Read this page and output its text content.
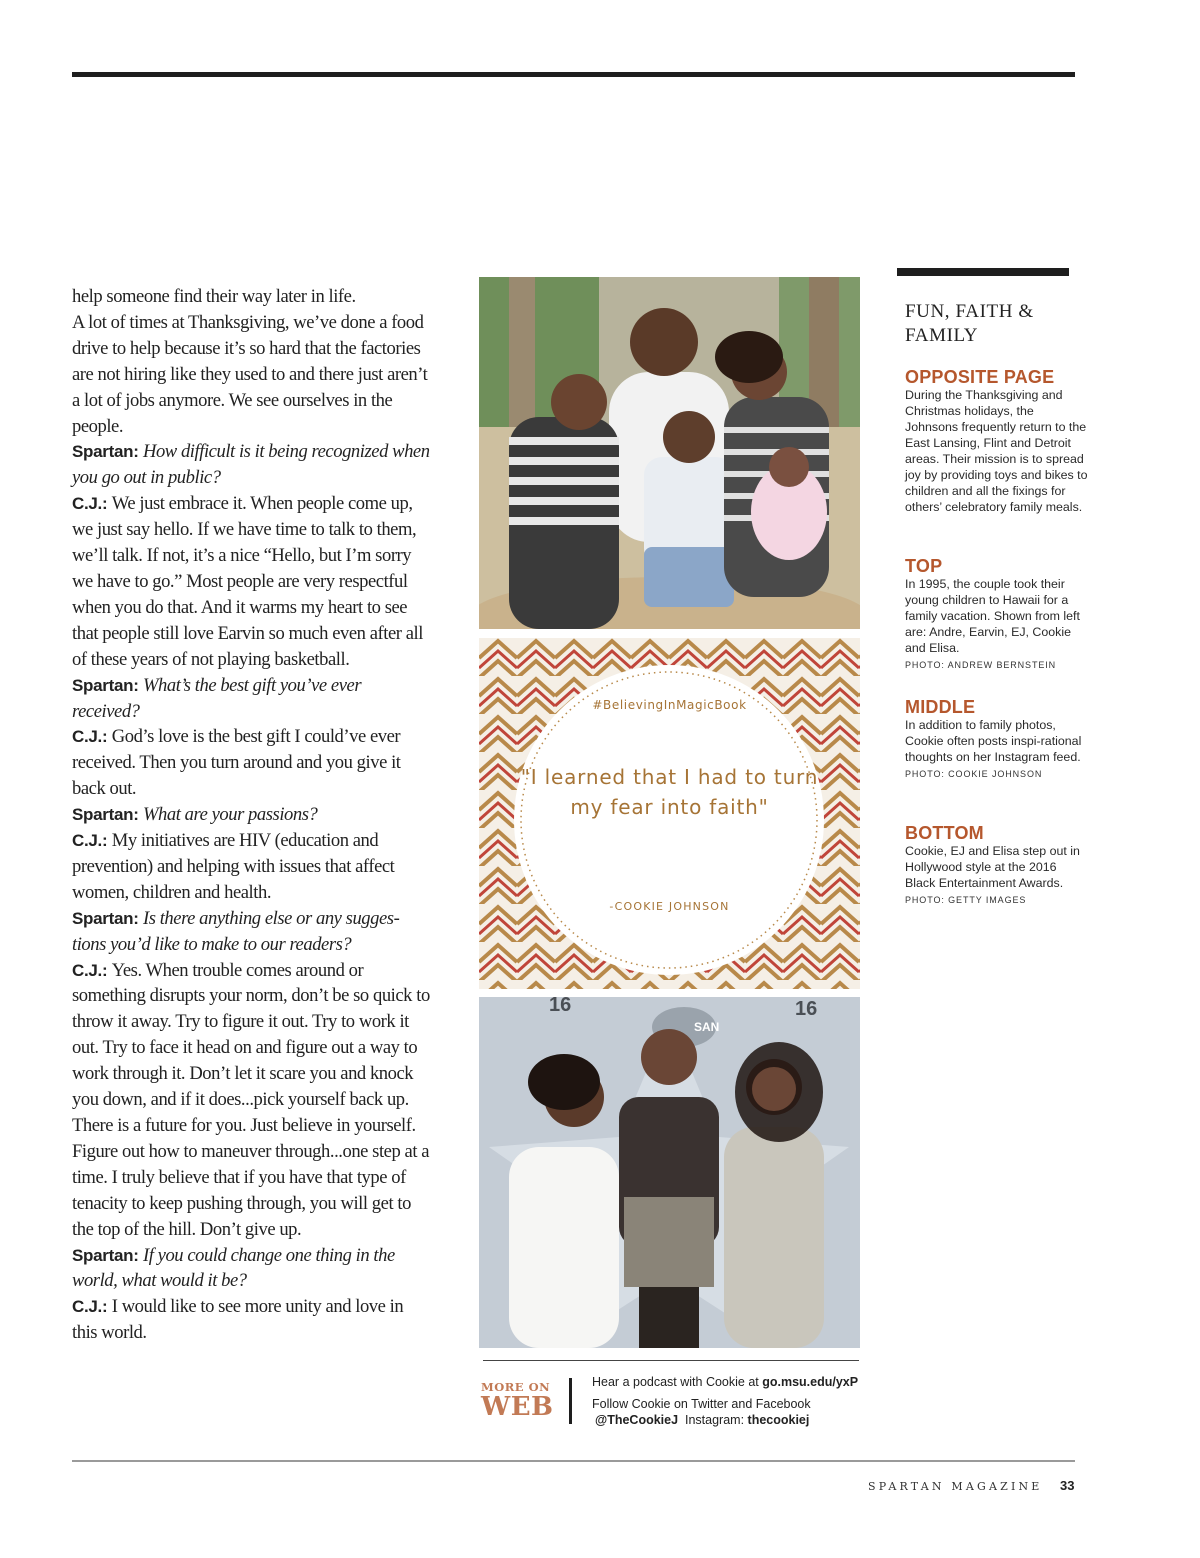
help someone find their way later in life.

A lot of times at Thanksgiving, we’ve done a food drive to help because it’s so hard that the factories are not hiring like they used to and there just aren’t a lot of jobs anymore. We see ourselves in the people.

Spartan: How difficult is it being recognized when you go out in public?

C.J.: We just embrace it. When people come up, we just say hello. If we have time to talk to them, we’ll talk. If not, it’s a nice “Hello, but I’m sorry we have to go.” Most people are very respectful when you do that. And it warms my heart to see that people still love Earvin so much even after all of these years of not playing basketball.

Spartan: What’s the best gift you’ve ever received?

C.J.: God’s love is the best gift I could’ve ever received. Then you turn around and you give it back out.

Spartan: What are your passions?

C.J.: My initiatives are HIV (education and prevention) and helping with issues that affect women, children and health.

Spartan: Is there anything else or any sugges-tions you’d like to make to our readers?

C.J.: Yes. When trouble comes around or something disrupts your norm, don’t be so quick to throw it away. Try to figure it out. Try to work it out. Try to face it head on and figure out a way to work through it. Don’t let it scare you and knock you down, and if it does...pick yourself back up. There is a future for you. Just believe in yourself. Figure out how to maneuver through...one step at a time. I truly believe that if you have that type of tenacity to keep pushing through, you will get to the top of the hill. Don’t give up.

Spartan: If you could change one thing in the world, what would it be?

C.J.: I would like to see more unity and love in this world.

#BelievingInMagicBook
"I learned that I had to turn my fear into faith"
-COOKIE JOHNSON
SAN
16	16
FUN, FAITH & FAMILY
OPPOSITE PAGE

During the Thanksgiving and Christmas holidays, the Johnsons frequently return to the East Lansing, Flint and Detroit areas. Their mission is to spread joy by providing toys and bikes to children and all the fixings for others’ celebratory family meals.

TOP

In 1995, the couple took their young children to Hawaii for a family vacation. Shown from left are: Andre, Earvin, EJ, Cookie and Elisa.

PHOTO: ANDREW BERNSTEIN

MIDDLE

In addition to family photos, Cookie often posts inspi-rational thoughts on her Instagram feed.

PHOTO: COOKIE JOHNSON

BOTTOM

Cookie, EJ and Elisa step out in Hollywood style at the 2016 Black Entertainment Awards.

PHOTO: GETTY IMAGES

MORE ON
WEB
Hear a podcast with Cookie at go.msu.edu/yxP
Follow Cookie on Twitter and Facebook
@TheCookieJ Instagram: thecookiej
SPARTAN MAGAZINE 33
